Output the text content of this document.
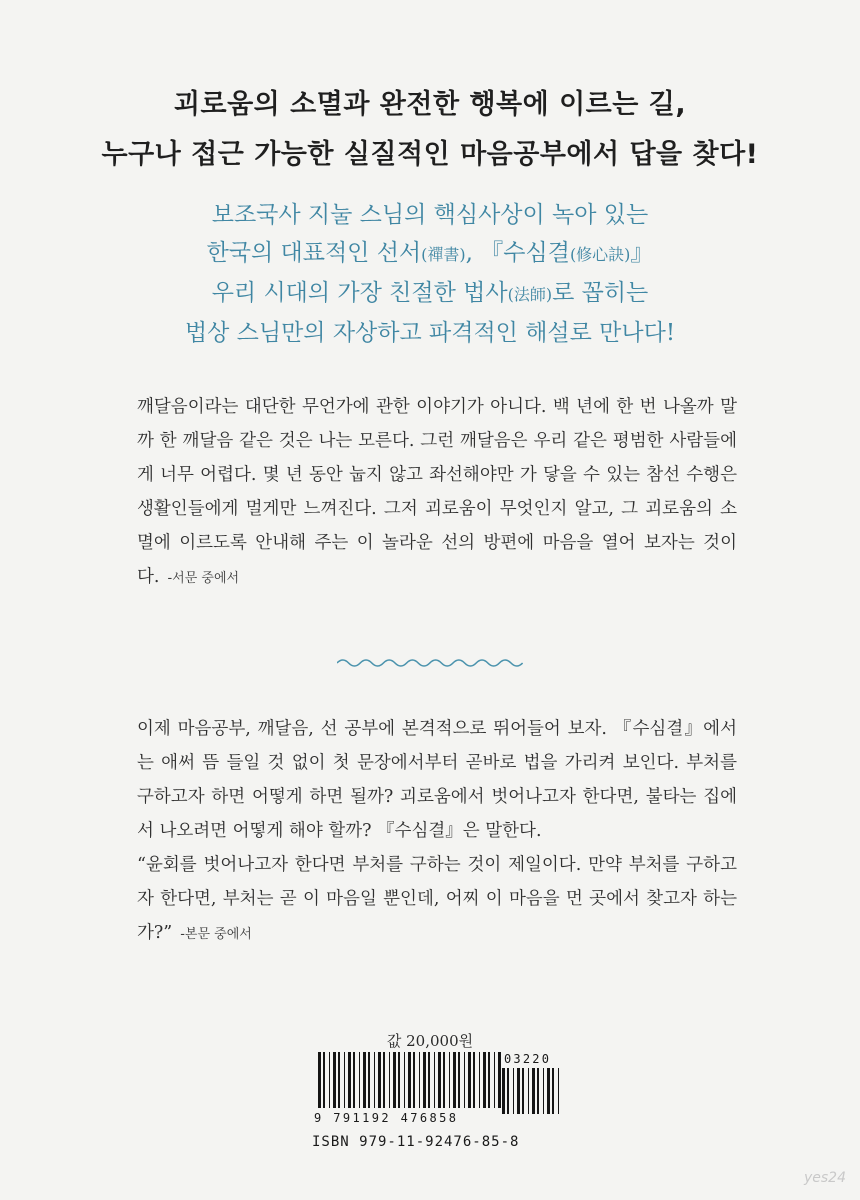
괴로움의 소멸과 완전한 행복에 이르는 길,
누구나 접근 가능한 실질적인 마음공부에서 답을 찾다!
보조국사 지눌 스님의 핵심사상이 녹아 있는
한국의 대표적인 선서(禪書), 『수심결(修心訣)』
우리 시대의 가장 친절한 법사(法師)로 꼽히는
법상 스님만의 자상하고 파격적인 해설로 만나다!

깨달음이라는 대단한 무언가에 관한 이야기가 아니다. 백 년에 한 번 나올까 말까 한 깨달음 같은 것은 나는 모른다. 그런 깨달음은 우리 같은 평범한 사람들에게 너무 어렵다. 몇 년 동안 눕지 않고 좌선해야만 가 닿을 수 있는 참선 수행은 생활인들에게 멀게만 느껴진다. 그저 괴로움이 무엇인지 알고, 그 괴로움의 소멸에 이르도록 안내해 주는 이 놀라운 선의 방편에 마음을 열어 보자는 것이다. -서문 중에서

이제 마음공부, 깨달음, 선 공부에 본격적으로 뛰어들어 보자. 『수심결』에서는 애써 뜸 들일 것 없이 첫 문장에서부터 곧바로 법을 가리켜 보인다. 부처를 구하고자 하면 어떻게 하면 될까? 괴로움에서 벗어나고자 한다면, 불타는 집에서 나오려면 어떻게 해야 할까? 『수심결』은 말한다.

“윤회를 벗어나고자 한다면 부처를 구하는 것이 제일이다. 만약 부처를 구하고자 한다면, 부처는 곧 이 마음일 뿐인데, 어찌 이 마음을 먼 곳에서 찾고자 하는가?” -본문 중에서

값 20,000원
03220
9 791192 476858
ISBN 979-11-92476-85-8
yes24
